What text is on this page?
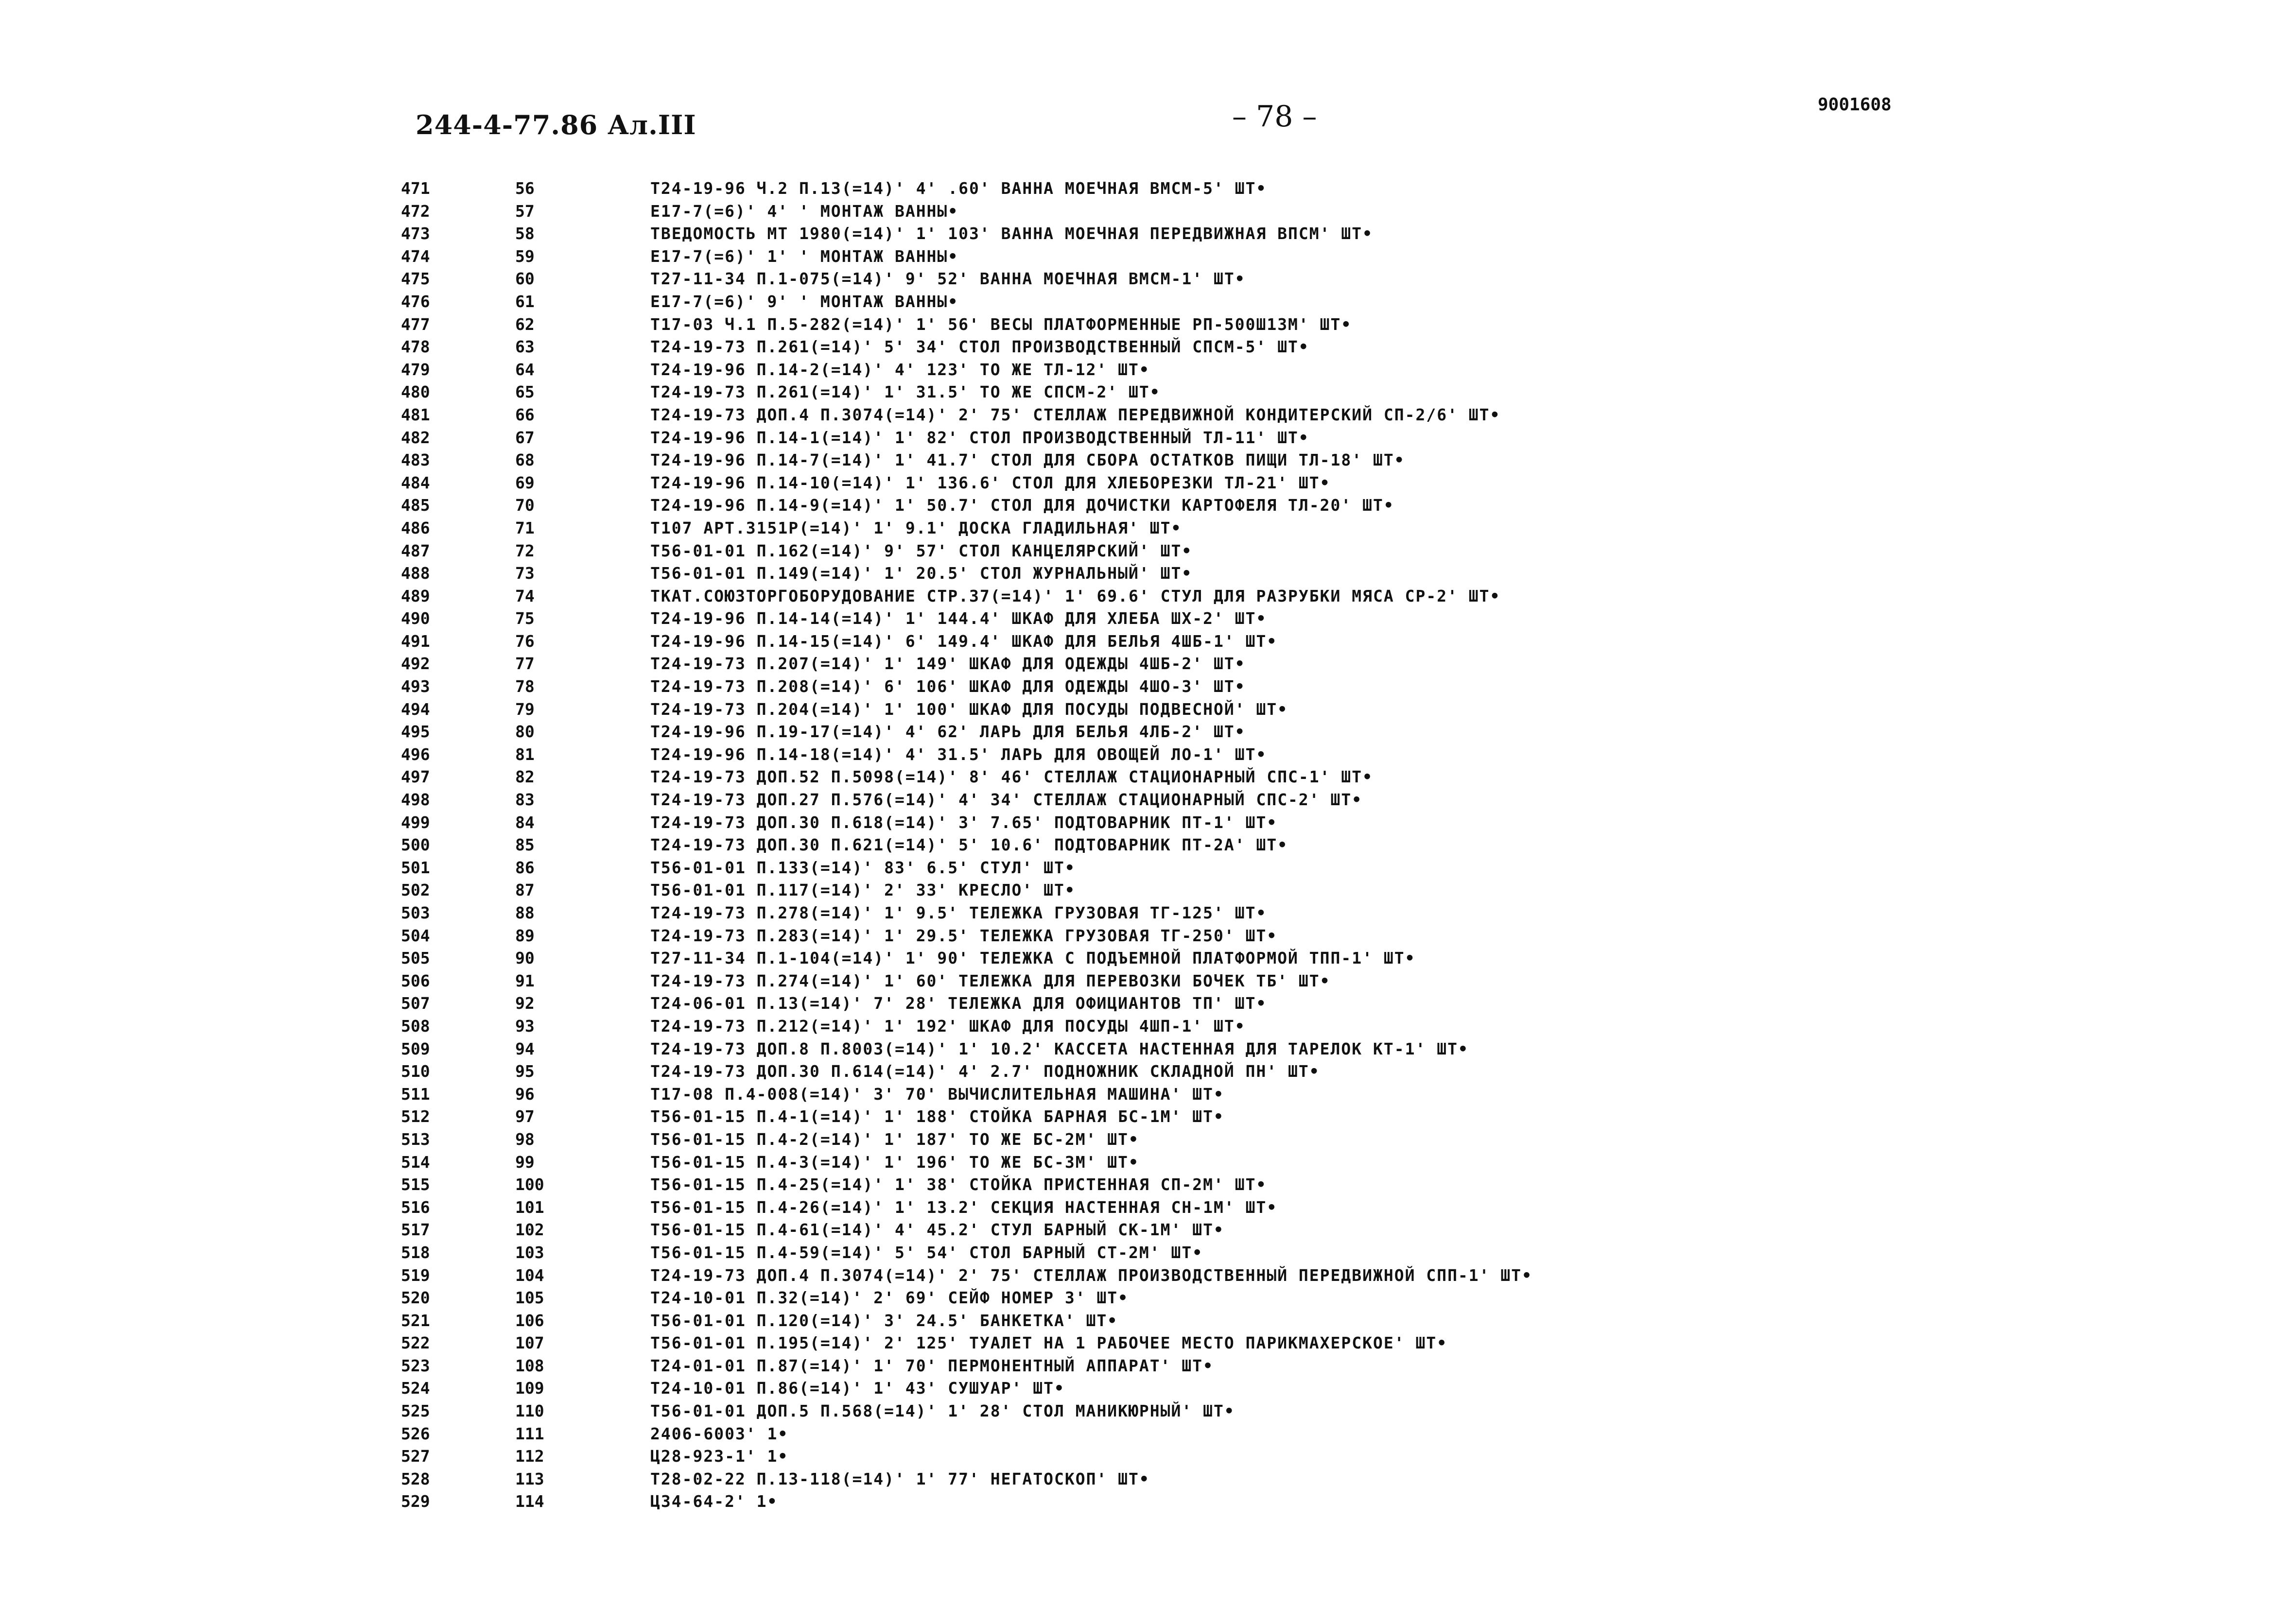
244-4-77.86 Ал.III	– 78 –	9001608
471	56	Т24-19-96 Ч.2 П.13(=14)' 4' .60' ВАННА МОЕЧНАЯ ВМСМ-5' ШТ•
472	57	Е17-7(=6)' 4' ' МОНТАЖ ВАННЫ•
473	58	ТВЕДОМОСТЬ МТ 1980(=14)' 1' 103' ВАННА МОЕЧНАЯ ПЕРЕДВИЖНАЯ ВПСМ' ШТ•
474	59	Е17-7(=6)' 1' ' МОНТАЖ ВАННЫ•
475	60	Т27-11-34 П.1-075(=14)' 9' 52' ВАННА МОЕЧНАЯ ВМСМ-1' ШТ•
476	61	Е17-7(=6)' 9' ' МОНТАЖ ВАННЫ•
477	62	Т17-03 Ч.1 П.5-282(=14)' 1' 56' ВЕСЫ ПЛАТФОРМЕННЫЕ РП-500Ш13М' ШТ•
478	63	Т24-19-73 П.261(=14)' 5' 34' СТОЛ ПРОИЗВОДСТВЕННЫЙ СПСМ-5' ШТ•
479	64	Т24-19-96 П.14-2(=14)' 4' 123' ТО ЖЕ ТЛ-12' ШТ•
480	65	Т24-19-73 П.261(=14)' 1' 31.5' ТО ЖЕ СПСМ-2' ШТ•
481	66	Т24-19-73 ДОП.4 П.3074(=14)' 2' 75' СТЕЛЛАЖ ПЕРЕДВИЖНОЙ КОНДИТЕРСКИЙ СП-2/6' ШТ•
482	67	Т24-19-96 П.14-1(=14)' 1' 82' СТОЛ ПРОИЗВОДСТВЕННЫЙ ТЛ-11' ШТ•
483	68	Т24-19-96 П.14-7(=14)' 1' 41.7' СТОЛ ДЛЯ СБОРА ОСТАТКОВ ПИЩИ ТЛ-18' ШТ•
484	69	Т24-19-96 П.14-10(=14)' 1' 136.6' СТОЛ ДЛЯ ХЛЕБОРЕЗКИ ТЛ-21' ШТ•
485	70	Т24-19-96 П.14-9(=14)' 1' 50.7' СТОЛ ДЛЯ ДОЧИСТКИ КАРТОФЕЛЯ ТЛ-20' ШТ•
486	71	Т107 АРТ.3151Р(=14)' 1' 9.1' ДОСКА ГЛАДИЛЬНАЯ' ШТ•
487	72	Т56-01-01 П.162(=14)' 9' 57' СТОЛ КАНЦЕЛЯРСКИЙ' ШТ•
488	73	Т56-01-01 П.149(=14)' 1' 20.5' СТОЛ ЖУРНАЛЬНЫЙ' ШТ•
489	74	ТКАТ.СОЮЗТОРГОБОРУДОВАНИЕ СТР.37(=14)' 1' 69.6' СТУЛ ДЛЯ РАЗРУБКИ МЯСА СР-2' ШТ•
490	75	Т24-19-96 П.14-14(=14)' 1' 144.4' ШКАФ ДЛЯ ХЛЕБА ШХ-2' ШТ•
491	76	Т24-19-96 П.14-15(=14)' 6' 149.4' ШКАФ ДЛЯ БЕЛЬЯ 4ШБ-1' ШТ•
492	77	Т24-19-73 П.207(=14)' 1' 149' ШКАФ ДЛЯ ОДЕЖДЫ 4ШБ-2' ШТ•
493	78	Т24-19-73 П.208(=14)' 6' 106' ШКАФ ДЛЯ ОДЕЖДЫ 4ШО-3' ШТ•
494	79	Т24-19-73 П.204(=14)' 1' 100' ШКАФ ДЛЯ ПОСУДЫ ПОДВЕСНОЙ' ШТ•
495	80	Т24-19-96 П.19-17(=14)' 4' 62' ЛАРЬ ДЛЯ БЕЛЬЯ 4ЛБ-2' ШТ•
496	81	Т24-19-96 П.14-18(=14)' 4' 31.5' ЛАРЬ ДЛЯ ОВОЩЕЙ ЛО-1' ШТ•
497	82	Т24-19-73 ДОП.52 П.5098(=14)' 8' 46' СТЕЛЛАЖ СТАЦИОНАРНЫЙ СПС-1' ШТ•
498	83	Т24-19-73 ДОП.27 П.576(=14)' 4' 34' СТЕЛЛАЖ СТАЦИОНАРНЫЙ СПС-2' ШТ•
499	84	Т24-19-73 ДОП.30 П.618(=14)' 3' 7.65' ПОДТОВАРНИК ПТ-1' ШТ•
500	85	Т24-19-73 ДОП.30 П.621(=14)' 5' 10.6' ПОДТОВАРНИК ПТ-2А' ШТ•
501	86	Т56-01-01 П.133(=14)' 83' 6.5' СТУЛ' ШТ•
502	87	Т56-01-01 П.117(=14)' 2' 33' КРЕСЛО' ШТ•
503	88	Т24-19-73 П.278(=14)' 1' 9.5' ТЕЛЕЖКА ГРУЗОВАЯ ТГ-125' ШТ•
504	89	Т24-19-73 П.283(=14)' 1' 29.5' ТЕЛЕЖКА ГРУЗОВАЯ ТГ-250' ШТ•
505	90	Т27-11-34 П.1-104(=14)' 1' 90' ТЕЛЕЖКА С ПОДЪЕМНОЙ ПЛАТФОРМОЙ ТПП-1' ШТ•
506	91	Т24-19-73 П.274(=14)' 1' 60' ТЕЛЕЖКА ДЛЯ ПЕРЕВОЗКИ БОЧЕК ТБ' ШТ•
507	92	Т24-06-01 П.13(=14)' 7' 28' ТЕЛЕЖКА ДЛЯ ОФИЦИАНТОВ ТП' ШТ•
508	93	Т24-19-73 П.212(=14)' 1' 192' ШКАФ ДЛЯ ПОСУДЫ 4ШП-1' ШТ•
509	94	Т24-19-73 ДОП.8 П.8003(=14)' 1' 10.2' КАССЕТА НАСТЕННАЯ ДЛЯ ТАРЕЛОК КТ-1' ШТ•
510	95	Т24-19-73 ДОП.30 П.614(=14)' 4' 2.7' ПОДНОЖНИК СКЛАДНОЙ ПН' ШТ•
511	96	Т17-08 П.4-008(=14)' 3' 70' ВЫЧИСЛИТЕЛЬНАЯ МАШИНА' ШТ•
512	97	Т56-01-15 П.4-1(=14)' 1' 188' СТОЙКА БАРНАЯ БС-1М' ШТ•
513	98	Т56-01-15 П.4-2(=14)' 1' 187' ТО ЖЕ БС-2М' ШТ•
514	99	Т56-01-15 П.4-3(=14)' 1' 196' ТО ЖЕ БС-3М' ШТ•
515	100	Т56-01-15 П.4-25(=14)' 1' 38' СТОЙКА ПРИСТЕННАЯ СП-2М' ШТ•
516	101	Т56-01-15 П.4-26(=14)' 1' 13.2' СЕКЦИЯ НАСТЕННАЯ СН-1М' ШТ•
517	102	Т56-01-15 П.4-61(=14)' 4' 45.2' СТУЛ БАРНЫЙ СК-1М' ШТ•
518	103	Т56-01-15 П.4-59(=14)' 5' 54' СТОЛ БАРНЫЙ СТ-2М' ШТ•
519	104	Т24-19-73 ДОП.4 П.3074(=14)' 2' 75' СТЕЛЛАЖ ПРОИЗВОДСТВЕННЫЙ ПЕРЕДВИЖНОЙ СПП-1' ШТ•
520	105	Т24-10-01 П.32(=14)' 2' 69' СЕЙФ НОМЕР 3' ШТ•
521	106	Т56-01-01 П.120(=14)' 3' 24.5' БАНКЕТКА' ШТ•
522	107	Т56-01-01 П.195(=14)' 2' 125' ТУАЛЕТ НА 1 РАБОЧЕЕ МЕСТО ПАРИКМАХЕРСКОЕ' ШТ•
523	108	Т24-01-01 П.87(=14)' 1' 70' ПЕРМОНЕНТНЫЙ АППАРАТ' ШТ•
524	109	Т24-10-01 П.86(=14)' 1' 43' СУШУАР' ШТ•
525	110	Т56-01-01 ДОП.5 П.568(=14)' 1' 28' СТОЛ МАНИКЮРНЫЙ' ШТ•
526	111	2406-6003' 1•
527	112	Ц28-923-1' 1•
528	113	Т28-02-22 П.13-118(=14)' 1' 77' НЕГАТОСКОП' ШТ•
529	114	Ц34-64-2' 1•
